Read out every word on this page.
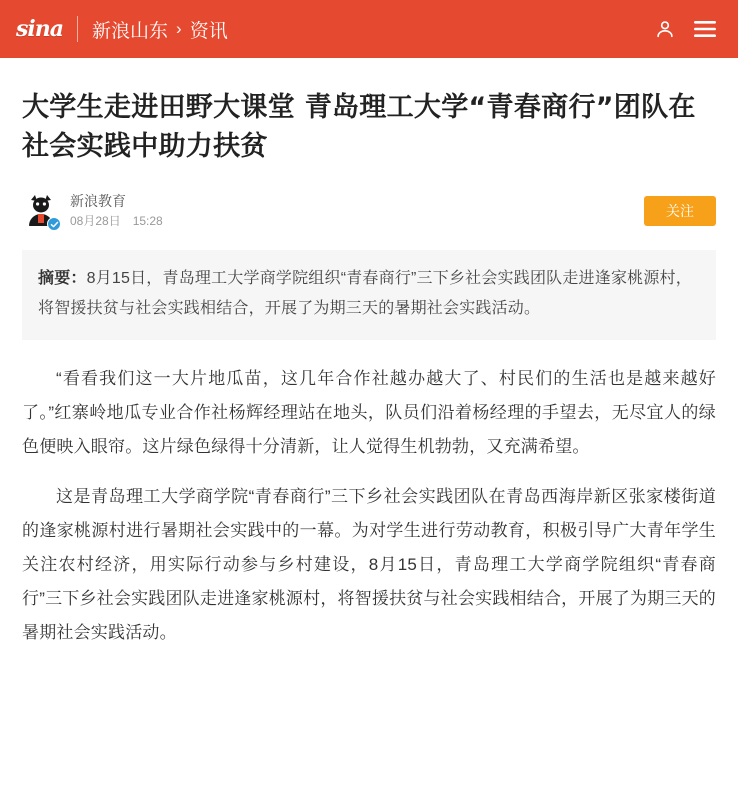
sina	新浪山东 › 资讯
大学生走进田野大课堂 青岛理工大学“青春商行”团队在社会实践中助力扶贫
新浪教育
08月28日 15:28
关注
摘要：8月15日，青岛理工大学商学院组织“青春商行”三下乡社会实践团队走进逢家桃源村，将智援扶贫与社会实践相结合，开展了为期三天的暑期社会实践活动。

“看看我们这一大片地瓜苗，这几年合作社越办越大了、村民们的生活也是越来越好了。”红寨岭地瓜专业合作社杨辉经理站在地头，队员们沿着杨经理的手望去，无尽宜人的绿色便映入眼帘。这片绿色绿得十分清新，让人觉得生机勃勃，又充满希望。

这是青岛理工大学商学院“青春商行”三下乡社会实践团队在青岛西海岸新区张家楼街道的逢家桃源村进行暑期社会实践中的一幕。为对学生进行劳动教育，积极引导广大青年学生关注农村经济，用实际行动参与乡村建设，8月15日，青岛理工大学商学院组织“青春商行”三下乡社会实践团队走进逢家桃源村，将智援扶贫与社会实践相结合，开展了为期三天的暑期社会实践活动。
